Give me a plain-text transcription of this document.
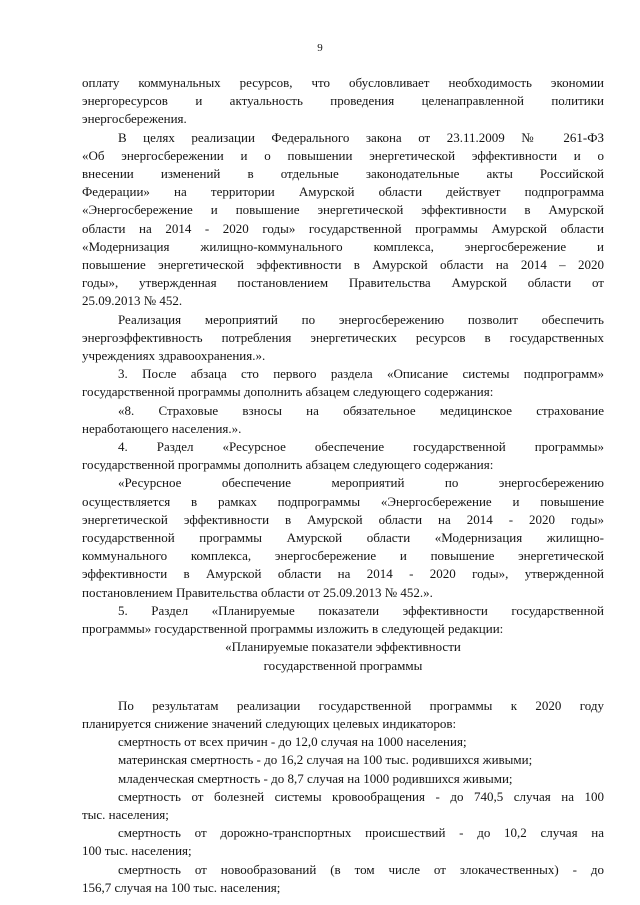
9
оплату коммунальных ресурсов, что обусловливает необходимость экономии
энергоресурсов и актуальность проведения целенаправленной политики
энергосбережения.
В целях реализации Федерального закона от 23.11.2009 № 261-ФЗ
«Об энергосбережении и о повышении энергетической эффективности и о
внесении изменений в отдельные законодательные акты Российской
Федерации» на территории Амурской области действует подпрограмма
«Энергосбережение и повышение энергетической эффективности в Амурской
области на 2014 - 2020 годы» государственной программы Амурской области
«Модернизация жилищно-коммунального комплекса, энергосбережение и
повышение энергетической эффективности в Амурской области на 2014 – 2020
годы», утвержденная постановлением Правительства Амурской области от
25.09.2013 № 452.
Реализация мероприятий по энергосбережению позволит обеспечить
энергоэффективность потребления энергетических ресурсов в государственных
учреждениях здравоохранения.».
3. После абзаца сто первого раздела «Описание системы подпрограмм»
государственной программы дополнить абзацем следующего содержания:
«8. Страховые взносы на обязательное медицинское страхование
неработающего населения.».
4. Раздел «Ресурсное обеспечение государственной программы»
государственной программы дополнить абзацем следующего содержания:
«Ресурсное обеспечение мероприятий по энергосбережению
осуществляется в рамках подпрограммы «Энергосбережение и повышение
энергетической эффективности в Амурской области на 2014 - 2020 годы»
государственной программы Амурской области «Модернизация жилищно-
коммунального комплекса, энергосбережение и повышение энергетической
эффективности в Амурской области на 2014 - 2020 годы», утвержденной
постановлением Правительства области от 25.09.2013 № 452.».
5. Раздел «Планируемые показатели эффективности государственной
программы» государственной программы изложить в следующей редакции:
«Планируемые показатели эффективности
государственной программы
По результатам реализации государственной программы к 2020 году
планируется снижение значений следующих целевых индикаторов:
смертность от всех причин - до 12,0 случая на 1000 населения;
материнская смертность - до 16,2 случая на 100 тыс. родившихся живыми;
младенческая смертность - до 8,7 случая на 1000 родившихся живыми;
смертность от болезней системы кровообращения - до 740,5 случая на 100
тыс. населения;
смертность от дорожно-транспортных происшествий - до 10,2 случая на
100 тыс. населения;
смертность от новообразований (в том числе от злокачественных) - до
156,7 случая на 100 тыс. населения;
